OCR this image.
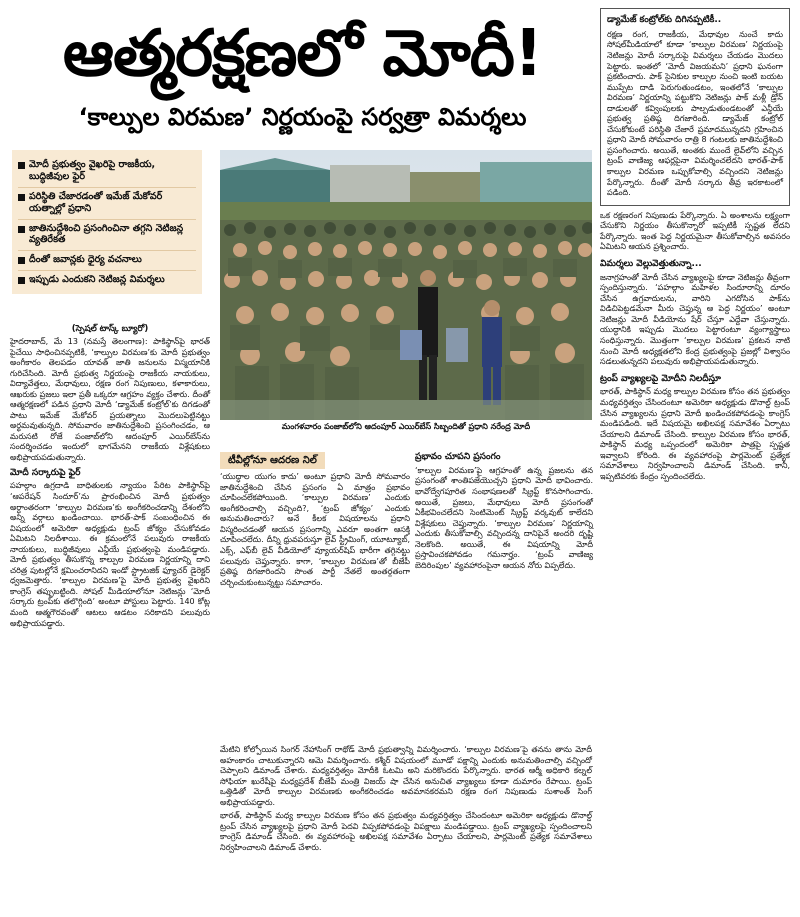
ఆత్మరక్షణలో మోదీ!
‘కాల్పుల విరమణ’ నిర్ణయంపై సర్వత్రా విమర్శలు
మోదీ ప్రభుత్వం వైఖరిపై రాజకీయ, బుద్ధిజీవుల ఫైర్
పరిస్థితి చేజారడంతో ఇమేజ్ మేకోవర్ యత్నాల్లో ప్రధాని
జాతినుద్దేశించి ప్రసంగించినా తగ్గని నెటిజన్ల వ్యతిరేకత
దీంతో జవాన్లకు ధైర్య వచనాలు
ఇప్పుడు ఎందుకని నెటిజన్ల విమర్శలు
మంగళవారం పంజాబ్‌లోని ఆదంపూర్ ఎయిర్‌బేస్ సిబ్బందితో ప్రధాని నరేంద్ర మోదీ
(స్పెషల్ టాస్క్ బ్యూరో)

హైదరాబాద్, మే 13 (నమస్తే తెలంగాణ): పాకిస్థాన్‌పై భారత్ పైచేయి సాధించినప్పటికీ, ‘కాల్పుల విరమణ’కు మోదీ ప్రభుత్వం అంగీకారం తెలపడం యావత్ జాతి జనులను విస్మయానికి గురిచేసింది. మోదీ ప్రభుత్వ నిర్ణయంపై రాజకీయ నాయకులు, విద్యావేత్తలు, మేధావులు, రక్షణ రంగ నిపుణులు, కళాకారులు, ఆఖరుకు ప్రజలు ఇలా ప్రతీ ఒక్కరూ ఆగ్రహం వ్యక్తం చేశారు. దీంతో ఆత్మరక్షణలో పడిన ప్రధాని మోదీ ‘డ్యామేజ్ కంట్రోల్’కు దిగడంతో పాటు ఇమేజ్ మేకోవర్ ప్రయత్నాలు మొదలుపెట్టినట్టు అర్థమవుతున్నది. సోమవారం జాతినుద్దేశించి ప్రసంగించడం, ఆ మరుసటి రోజే పంజాబ్‌లోని ఆదంపూర్ ఎయిర్‌బేస్‌ను సందర్శించడం ఇందులో భాగమేనని రాజకీయ విశ్లేషకులు అభిప్రాయపడుతున్నారు.

మోదీ సర్కారుపై ఫైర్

పహల్గాం ఉగ్రదాడి బాధితులకు న్యాయం పేరిట పాకిస్థాన్‌పై ‘ఆపరేషన్ సిందూర్’ను ప్రారంభించిన మోదీ ప్రభుత్వం అర్ధాంతరంగా ‘కాల్పుల విరమణ’కు అంగీకరించడాన్ని దేశంలోని అన్ని వర్గాలు ఖండించాయి. భారత్-పాక్ సంబంధించిన ఈ విషయంలో అమెరికా అధ్యక్షుడు ట్రంప్ జోక్యం చేసుకోవడం ఏమిటని నిలదీశాయి. ఈ క్రమంలోనే పలువురు రాజకీయ నాయకులు, బుద్ధిజీవులు ఎన్డీయే ప్రభుత్వంపై మండిపడ్డారు. మోదీ ప్రభుత్వం తీసుకొన్న కాల్పుల విరమణ నిర్ణయాన్ని దాని చరిత్ర పుటల్లోనే క్షమించరానిదని ఇండో స్ట్రాటజిక్ ఫ్యూచర్ డైరెక్టర్ ధ్వజమెత్తారు. ‘కాల్పుల విరమణ’పై మోదీ ప్రభుత్వ వైఖరిని కాంగ్రెస్ తప్పుబట్టింది. సోషల్ మీడియాలోనూ నెటిజన్లు ‘మోదీ సర్కారు ట్రంప్‌కు తలొగ్గింది’ అంటూ పోస్టులు పెట్టారు. 140 కోట్ల మంది ఆత్మగౌరవంతో ఆటలు ఆడటం సరికాదని పలువురు అభిప్రాయపడ్డారు.

టీవీల్లోనూ ఆదరణ నిల్
‘యుద్ధాల యుగం కాదు’ అంటూ ప్రధాని మోదీ సోమవారం జాతినుద్దేశించి చేసిన ప్రసంగం ఏ మాత్రం ప్రభావం చూపించలేకపోయింది. ‘కాల్పుల విరమణ’ ఎందుకు అంగీకరించాల్సి వచ్చింది?, ‘ట్రంప్ జోక్యం’ ఎందుకు అనుమతించారు? అనే కీలక విషయాలను ప్రధాని విస్మరించడంతో ఆయన ప్రసంగాన్ని ఎవరూ అంతగా ఆసక్తి చూపించలేదు. దీన్ని ధ్రువపరుస్తూ లైవ్ స్ట్రీమింగ్, యూట్యూబ్, ఎక్స్, ఎఫ్‌బీ లైవ్ వీడియోలో వ్యూయర్‌షిప్ భారీగా తగ్గినట్టు పలువురు చెప్తున్నారు. కాగా, ‘కాల్పుల విరమణ’తో బీజేపీ ప్రతిష్ఠ దిగజారిందని సొంత పార్టీ నేతలే అంతర్గతంగా చర్చించుకుంటున్నట్టు సమాచారం.
ప్రభావం చూపని ప్రసంగం

‘కాల్పుల విరమణ’పై ఆగ్రహంతో ఉన్న ప్రజలను తన ప్రసంగంతో శాంతిపజేయొచ్చని ప్రధాని మోదీ భావించారు. భావోద్వేగపూరిత సంభాషణలతో స్క్రిప్ట్ కొనసాగించారు. అయితే, ప్రజలు, మేధావులు మోదీ ప్రసంగంతో ఏకీభవించలేదని సెంటిమెంట్ స్క్రిప్ట్ వర్కవుట్ కాలేదని విశ్లేషకులు చెప్తున్నారు. ‘కాల్పుల విరమణ’ నిర్ణయాన్ని ఎందుకు తీసుకోవాల్సి వచ్చిందన్న దానిపైనే అందరి దృష్టి నెలకొంది. అయితే, ఈ విషయాన్ని మోదీ ప్రస్తావించకపోవడం గమనార్హం. ‘ట్రంప్ వాణిజ్య బెదిరింపుల’ వ్యవహారంపైనా ఆయన నోరు విప్పలేదు.

మేటిని కోల్పోయిన సింగర్ నేహాసింగ్ రాథోడ్ మోదీ ప్రభుత్వాన్ని విమర్శించారు. ‘కాల్పుల విరమణ’పై తనను తాను మోదీ అహంకారం చాటుకున్నారని ఆమె విమర్శించారు. కశ్మీర్ విషయంలో మూడో పక్షాన్ని ఎందుకు అనుమతించాల్సి వచ్చిందో చెప్పాలని డిమాండ్ చేశారు. మధ్యవర్తిత్వం మోదీకి ఓటమి అని మరికొందరు పేర్కొన్నారు. భారత ఆర్మీ అధికారి కల్నల్ సోఫియా ఖురేషీపై మధ్యప్రదేశ్ బీజేపీ మంత్రి విజయ్ షా చేసిన అనుచిత వ్యాఖ్యలు కూడా దుమారం రేపాయి. ట్రంప్ ఒత్తిడితో మోదీ కాల్పుల విరమణకు అంగీకరించడం అవమానకరమని రక్షణ రంగ నిపుణుడు సుశాంత్ సింగ్ అభిప్రాయపడ్డారు.

భారత్, పాకిస్థాన్ మధ్య కాల్పుల విరమణ కోసం తన ప్రభుత్వం మధ్యవర్తిత్వం చేసిందంటూ అమెరికా అధ్యక్షుడు డొనాల్డ్ ట్రంప్ చేసిన వ్యాఖ్యలపై ప్రధాని మోదీ పెదవి విప్పకపోవడంపై విపక్షాలు మండిపడ్డాయి. ట్రంప్ వ్యాఖ్యలపై స్పందించాలని కాంగ్రెస్ డిమాండ్ చేసింది. ఈ వ్యవహారంపై అఖిలపక్ష సమావేశం ఏర్పాటు చేయాలని, పార్లమెంట్ ప్రత్యేక సమావేశాలు నిర్వహించాలని డిమాండ్ చేశారు.

డ్యామేజ్ కంట్రోల్‌కు దిగినప్పటికీ..

రక్షణ రంగ, రాజకీయ, మేధావుల నుంచే కాదు సోషల్‌మీడియాలో కూడా ‘కాల్పుల విరమణ’ నిర్ణయంపై నెటిజన్లు మోదీ సర్కారుపై విమర్శలు చేయడం మొదలు పెట్టారు. ఇంతలో ‘మోదీ విజయమని’ ప్రధాని ఘనంగా ప్రకటించారు. పాక్ సైనికుల కాల్పుల నుంచి ఇంటి బయట ముప్పేట దాడి పెరుగుతుండటం, ఇంతలోనే ‘కాల్పుల విరమణ’ నిర్ణయాన్ని పట్టుకొని నెటిజన్లు పాక్ మళ్లీ డ్రోన్ దాడులతో కవ్వింపులకు పాల్పడుతుండటంతో ఎన్డీయే ప్రభుత్వ ప్రతిష్ఠ దిగజారింది. డ్యామేజ్ కంట్రోల్ చేసుకోకుంటే పరిస్థితి చేజారే ప్రమాదమున్నదని గ్రహించిన ప్రధాని మోదీ సోమవారం రాత్రి 8 గంటలకు జాతినుద్దేశించి ప్రసంగించారు. అయితే, అంతకు ముందే లైవ్‌లోని వచ్చిన ట్రంప్ వాణిజ్య ఆఫర్లపైనా విమర్శించలేదని భారత్-పాక్ కాల్పుల విరమణ ఒప్పుకోవాల్సి వచ్చిందని నెటిజన్లు పేర్కొన్నారు. దీంతో మోదీ సర్కారు తీవ్ర ఇరకాటంలో పడింది.

ఒక రక్షణరంగ నిపుణుడు పేర్కొన్నారు. ఏ అంశాలను లక్ష్యంగా చేసుకొని నిర్ణయం తీసుకొన్నారో ఇప్పటికీ స్పష్టత లేదని పేర్కొన్నారు. ఇంత పెద్ద నిర్ణయమైనా తీసుకోవాల్సిన అవసరం ఏమిటని ఆయన ప్రశ్నించారు.

విమర్శలు వెల్లువెత్తుతున్నా...

జనాగ్రహంతో మోదీ చేసిన వ్యాఖ్యలపై కూడా నెటిజన్లు తీవ్రంగా స్పందిస్తున్నారు. ‘పహల్గాం మహిళల సిందూరాన్ని దూరం చేసిన ఉగ్రవాదులను, వారిని ఎగదోసిన పాక్‌ను విడిచిపెట్టడమేనా మీరు చెప్తున్న ఆ పెద్ద నిర్ణయం’ అంటూ నెటిజన్లు మోదీ వీడియోను షేర్ చేస్తూ ఎద్దేవా చేస్తున్నారు. యుద్ధానికి ఇప్పుడు మొదలు పెట్టారంటూ వ్యంగ్యాస్త్రాలు సంధిస్తున్నారు. మొత్తంగా ‘కాల్పుల విరమణ’ ప్రకటన నాటి నుంచి మోదీ అధ్యక్షతలోని కేంద్ర ప్రభుత్వంపై ప్రజల్లో విశ్వాసం సడలుతున్నదని పలువురు అభిప్రాయపడుతున్నారు.

ట్రంప్ వ్యాఖ్యలపై మోదీని నిలదీస్తూ

భారత్, పాకిస్థాన్ మధ్య కాల్పుల విరమణ కోసం తన ప్రభుత్వం మధ్యవర్తిత్వం చేసిందంటూ అమెరికా అధ్యక్షుడు డొనాల్డ్ ట్రంప్ చేసిన వ్యాఖ్యలను ప్రధాని మోదీ ఖండించకపోవడంపై కాంగ్రెస్ మండిపడింది. ఇదే విషయమై అఖిలపక్ష సమావేశం ఏర్పాటు చేయాలని డిమాండ్ చేసింది. కాల్పుల విరమణ కోసం భారత్, పాకిస్థాన్ మధ్య ఒప్పందంలో అమెరికా పాత్రపై స్పష్టత ఇవ్వాలని కోరింది. ఈ వ్యవహారంపై పార్లమెంట్ ప్రత్యేక సమావేశాలు నిర్వహించాలని డిమాండ్ చేసింది. కానీ, ఇప్పటివరకు కేంద్రం స్పందించలేదు.
